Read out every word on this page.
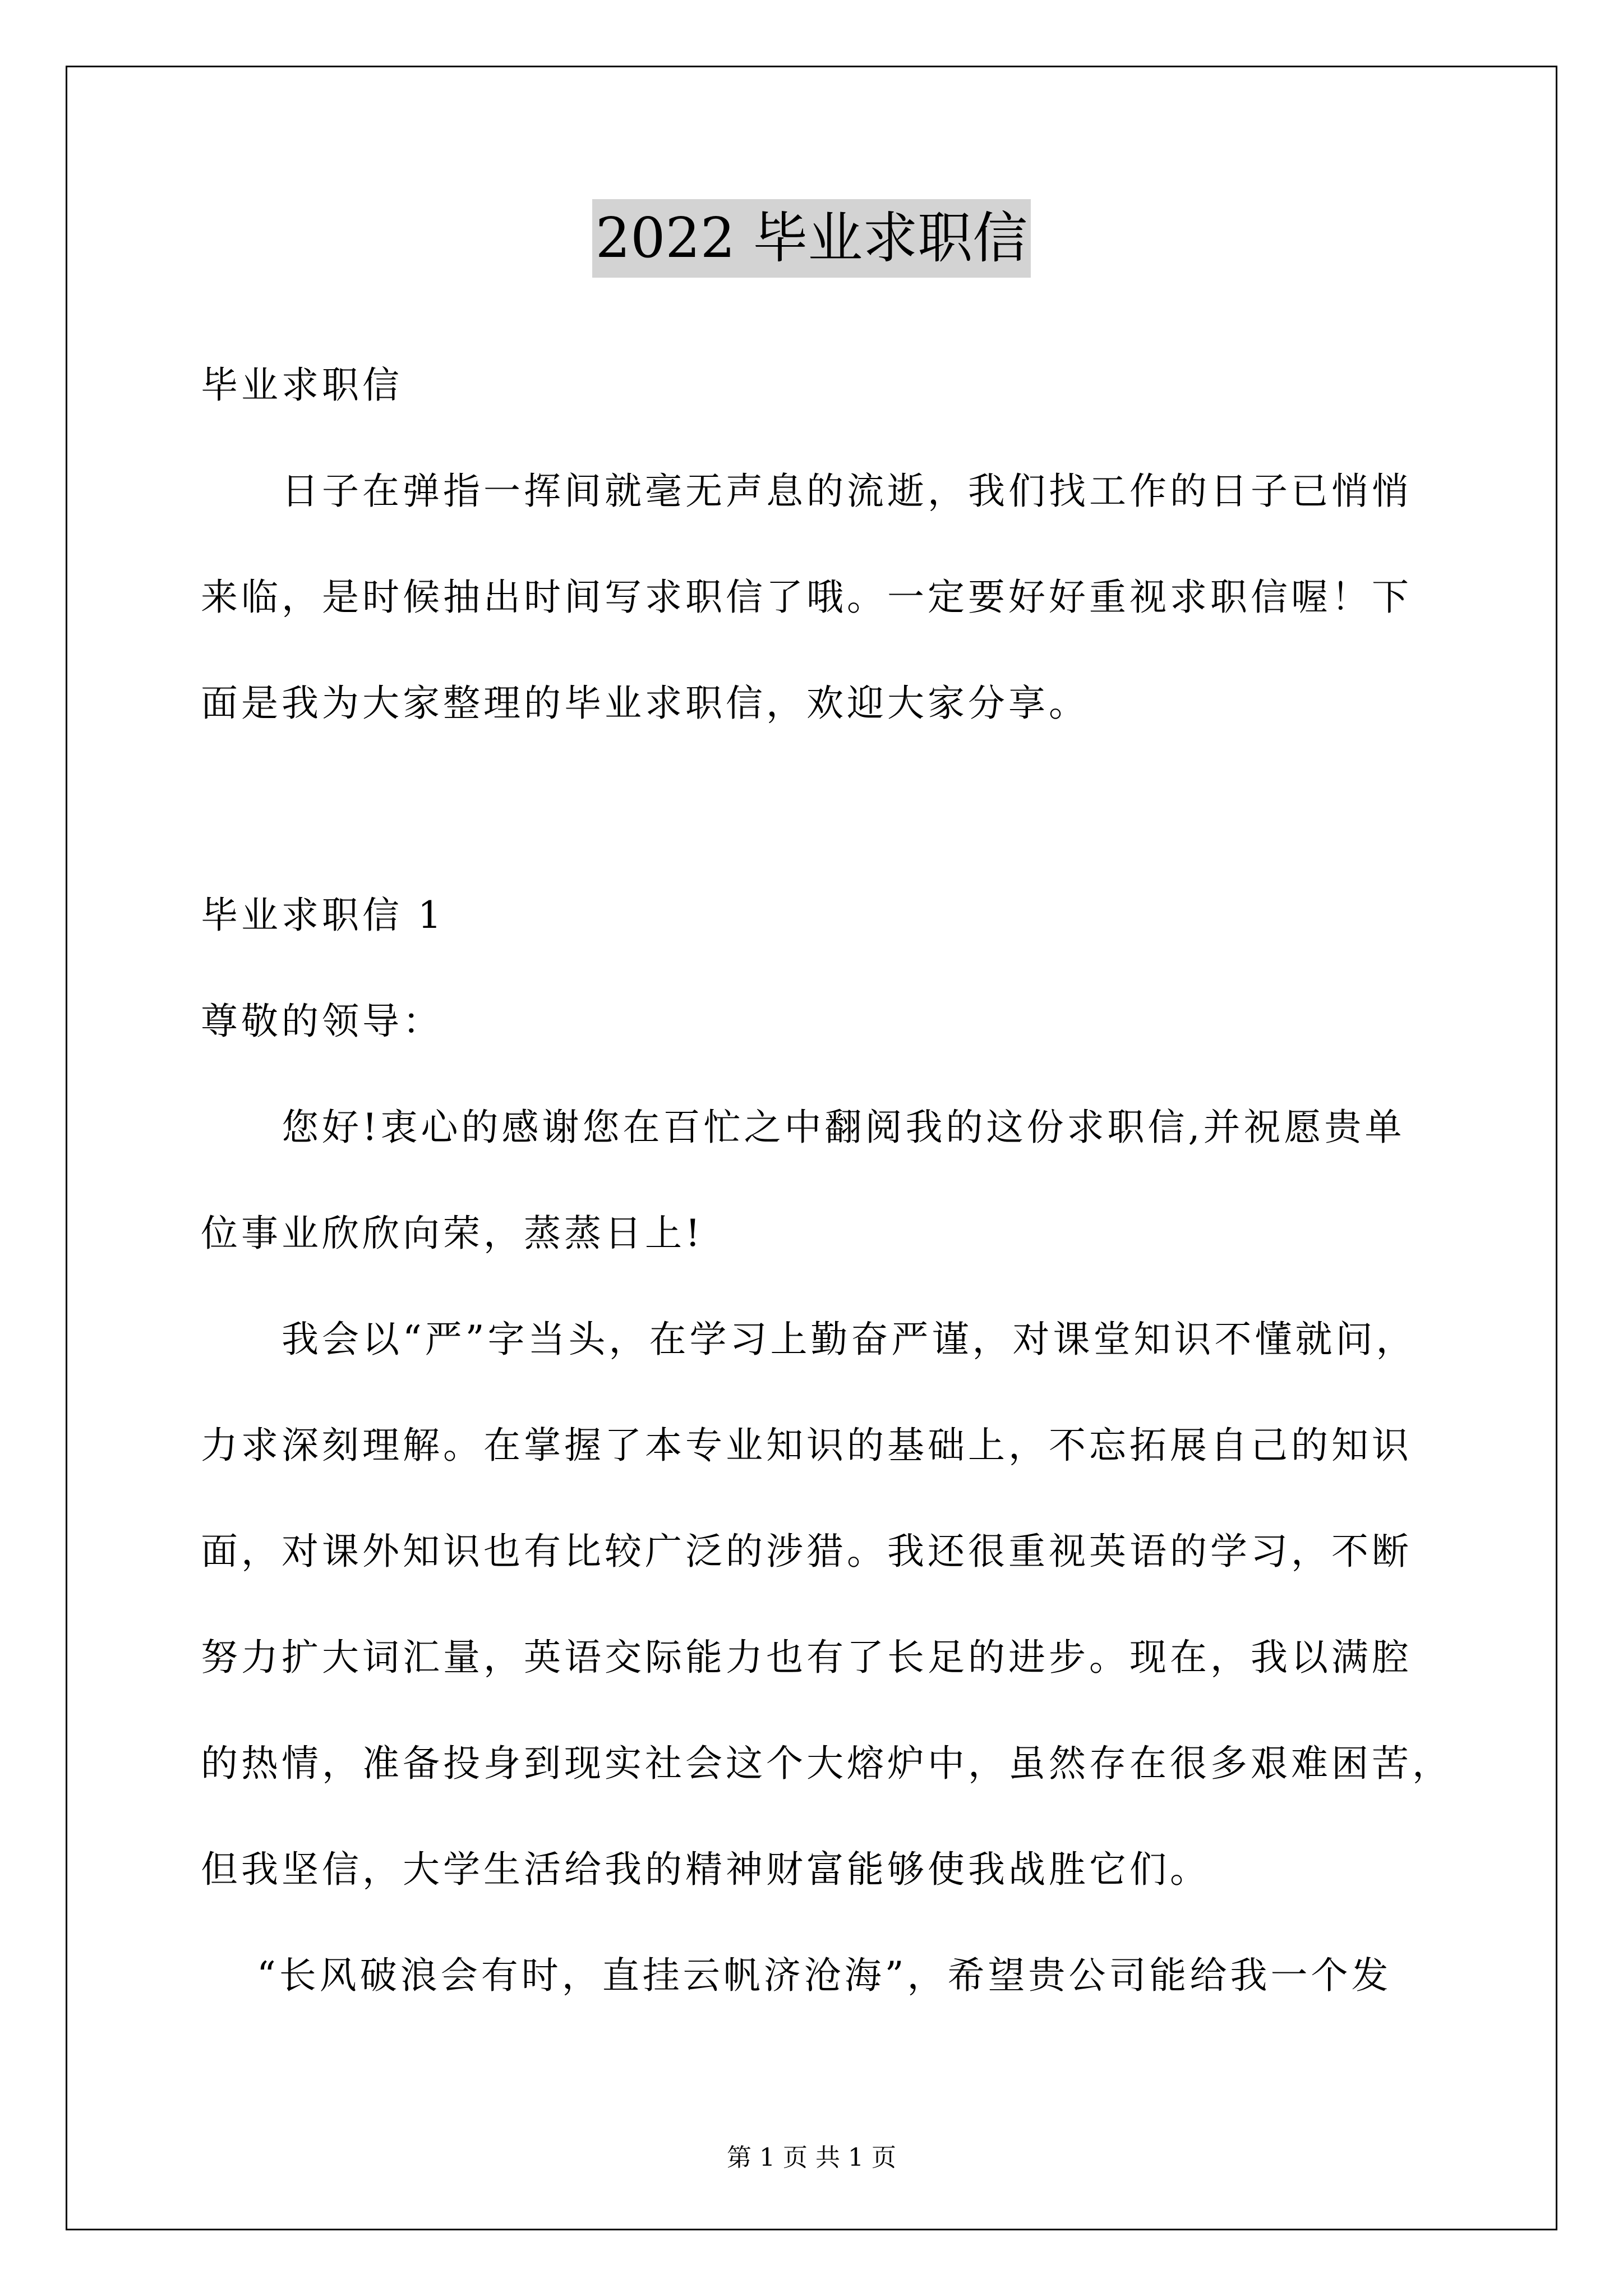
2022 毕业求职信
毕业求职信
日子在弹指一挥间就毫无声息的流逝，我们找工作的日子已悄悄
来临，是时候抽出时间写求职信了哦。一定要好好重视求职信喔！下
面是我为大家整理的毕业求职信，欢迎大家分享。
毕业求职信 1
尊敬的领导：
您好!衷心的感谢您在百忙之中翻阅我的这份求职信,并祝愿贵单
位事业欣欣向荣，蒸蒸日上!
我会以“严”字当头，在学习上勤奋严谨，对课堂知识不懂就问，
力求深刻理解。在掌握了本专业知识的基础上，不忘拓展自己的知识
面，对课外知识也有比较广泛的涉猎。我还很重视英语的学习，不断
努力扩大词汇量，英语交际能力也有了长足的进步。现在，我以满腔
的热情，准备投身到现实社会这个大熔炉中，虽然存在很多艰难困苦，
但我坚信，大学生活给我的精神财富能够使我战胜它们。
“长风破浪会有时，直挂云帆济沧海”，希望贵公司能给我一个发
第 1 页 共 1 页
